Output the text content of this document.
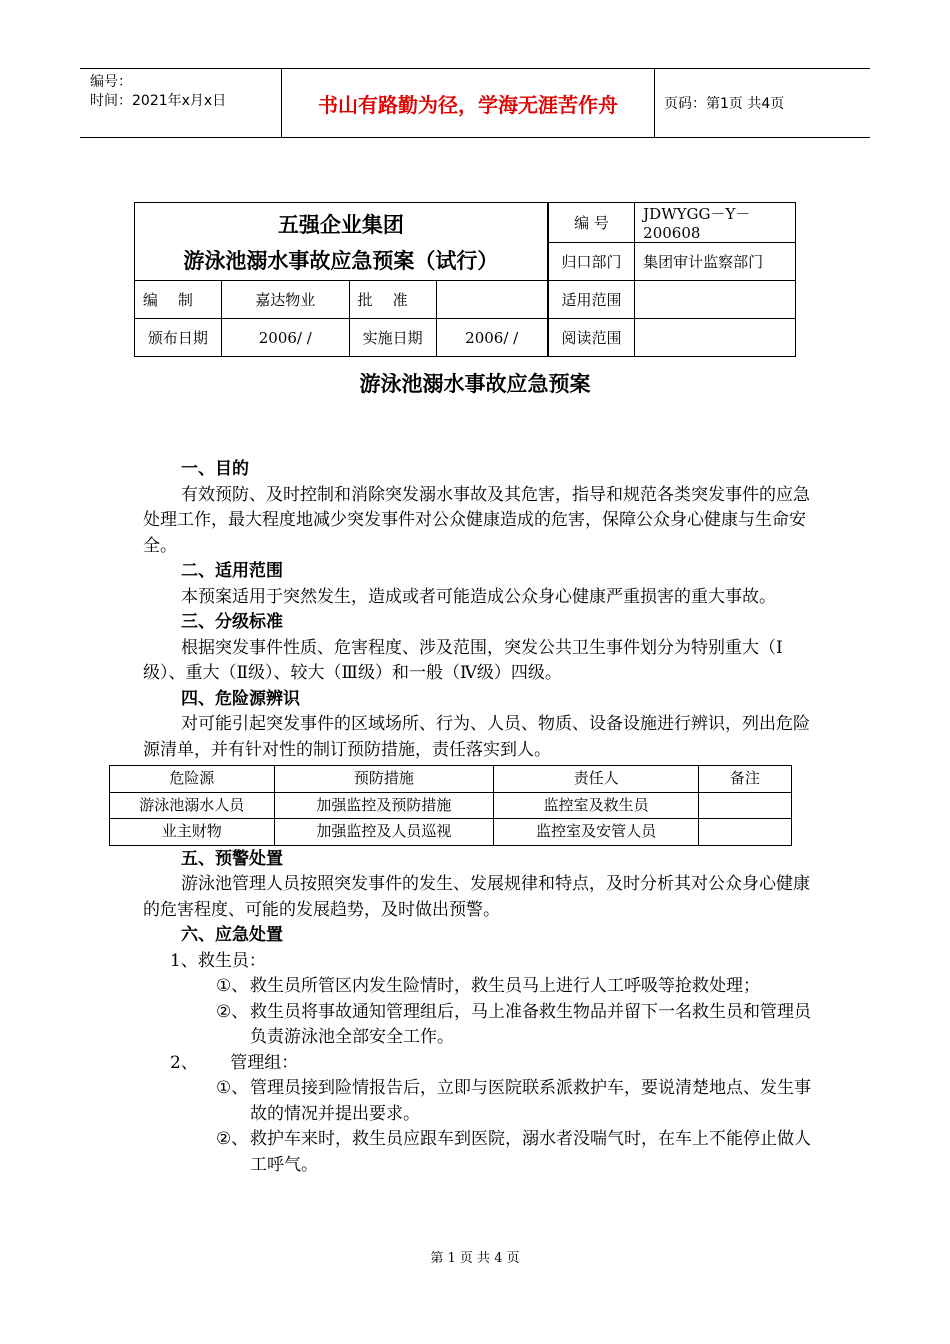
编号：
时间：2021年x月x日	书山有路勤为径，学海无涯苦作舟	页码：第1页 共4页
五强企业集团
游泳池溺水事故应急预案（试行）				编 号	JDWYGG－Y－200608
				归口部门	集团审计监察部门
编制	嘉达物业	批准		适用范围	
颁布日期	2006/ /	实施日期	2006/ /	阅读范围	
游泳池溺水事故应急预案

一、目的

有效预防、及时控制和消除突发溺水事故及其危害，指导和规范各类突发事件的应急处理工作，最大程度地减少突发事件对公众健康造成的危害，保障公众身心健康与生命安全。

二、适用范围

本预案适用于突然发生，造成或者可能造成公众身心健康严重损害的重大事故。

三、分级标准

根据突发事件性质、危害程度、涉及范围，突发公共卫生事件划分为特别重大（Ⅰ级）、重大（Ⅱ级）、较大（Ⅲ级）和一般（Ⅳ级）四级。

四、危险源辨识

对可能引起突发事件的区域场所、行为、人员、物质、设备设施进行辨识，列出危险源清单，并有针对性的制订预防措施，责任落实到人。

危险源	预防措施	责任人	备注
游泳池溺水人员	加强监控及预防措施	监控室及救生员	
业主财物	加强监控及人员巡视	监控室及安管人员	

五、预警处置

游泳池管理人员按照突发事件的发生、发展规律和特点，及时分析其对公众身心健康的危害程度、可能的发展趋势，及时做出预警。

六、应急处置

1、救生员：

①、 救生员所管区内发生险情时，救生员马上进行人工呼吸等抢救处理；

②、 救生员将事故通知管理组后，马上准备救生物品并留下一名救生员和管理员负责游泳池全部安全工作。

2、      管理组：

①、 管理员接到险情报告后，立即与医院联系派救护车，要说清楚地点、发生事故的情况并提出要求。

②、 救护车来时，救生员应跟车到医院，溺水者没喘气时，在车上不能停止做人工呼气。

第 1 页 共 4 页
